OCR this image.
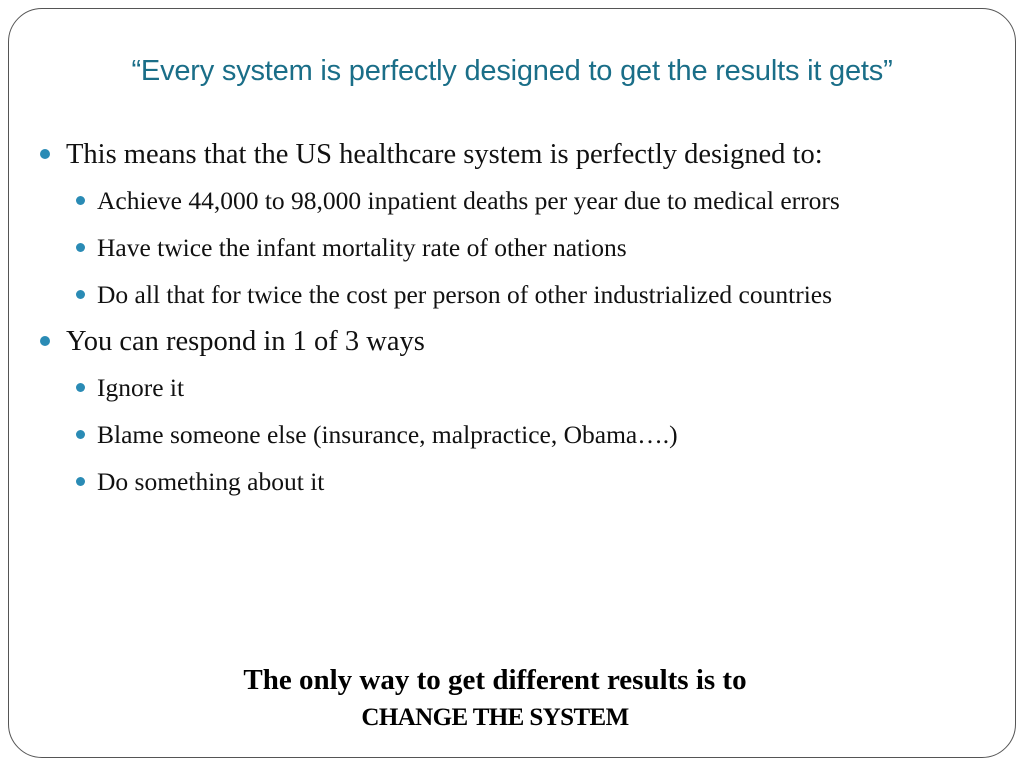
“Every system is perfectly designed to get the results it gets”
This means that the US healthcare system is perfectly designed to:
Achieve 44,000 to 98,000 inpatient deaths per year due to medical errors
Have twice the infant mortality rate of other nations
Do all that for twice the cost per person of other industrialized countries
You can respond in 1 of 3 ways
Ignore it
Blame someone else (insurance, malpractice, Obama….)
Do something about it
The only way to get different results is to
CHANGE THE SYSTEM
